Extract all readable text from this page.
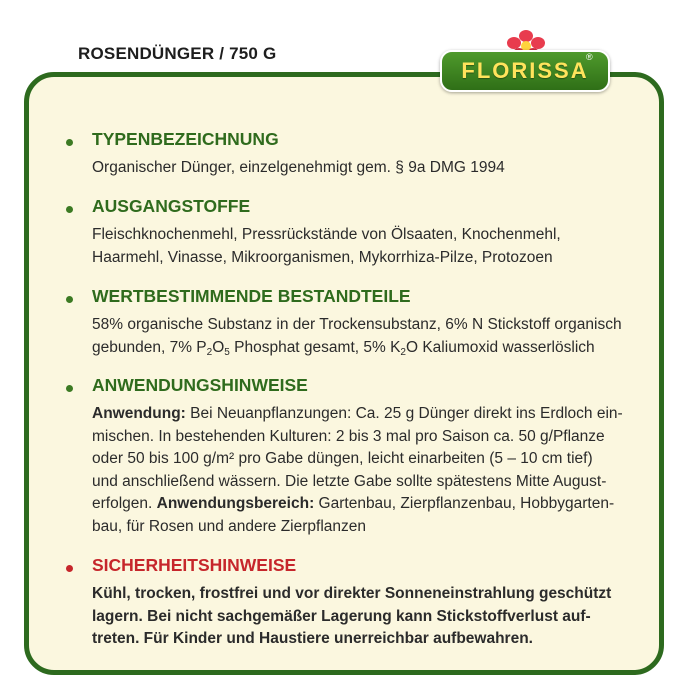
ROSENDÜNGER / 750 G
FLORISSA
®
TYPENBEZEICHNUNG
Organischer Dünger, einzelgenehmigt gem. § 9a DMG 1994
AUSGANGSTOFFE
Fleischknochenmehl, Pressrückstände von Ölsaaten, Knochenmehl,
Haarmehl, Vinasse, Mikroorganismen, Mykorrhiza-Pilze, Protozoen
WERTBESTIMMENDE BESTANDTEILE
58% organische Substanz in der Trockensubstanz, 6% N Stickstoff organisch
gebunden, 7% $P_2O_5$ Phosphat gesamt, 5% $K_2O$ Kaliumoxid wasserlöslich
ANWENDUNGSHINWEISE
Anwendung: Bei Neuanpflanzungen: Ca. 25 g Dünger direkt ins Erdloch ein-
mischen. In bestehenden Kulturen: 2 bis 3 mal pro Saison ca. 50 g/Pflanze
oder 50 bis 100 g/m² pro Gabe düngen, leicht einarbeiten (5 – 10 cm tief)
und anschließend wässern. Die letzte Gabe sollte spätestens Mitte August-
erfolgen. Anwendungsbereich: Gartenbau, Zierpflanzenbau, Hobbygarten-
bau, für Rosen und andere Zierpflanzen
SICHERHEITSHINWEISE
Kühl, trocken, frostfrei und vor direkter Sonneneinstrahlung geschützt
lagern. Bei nicht sachgemäßer Lagerung kann Stickstoffverlust auf-
treten. Für Kinder und Haustiere unerreichbar aufbewahren.
